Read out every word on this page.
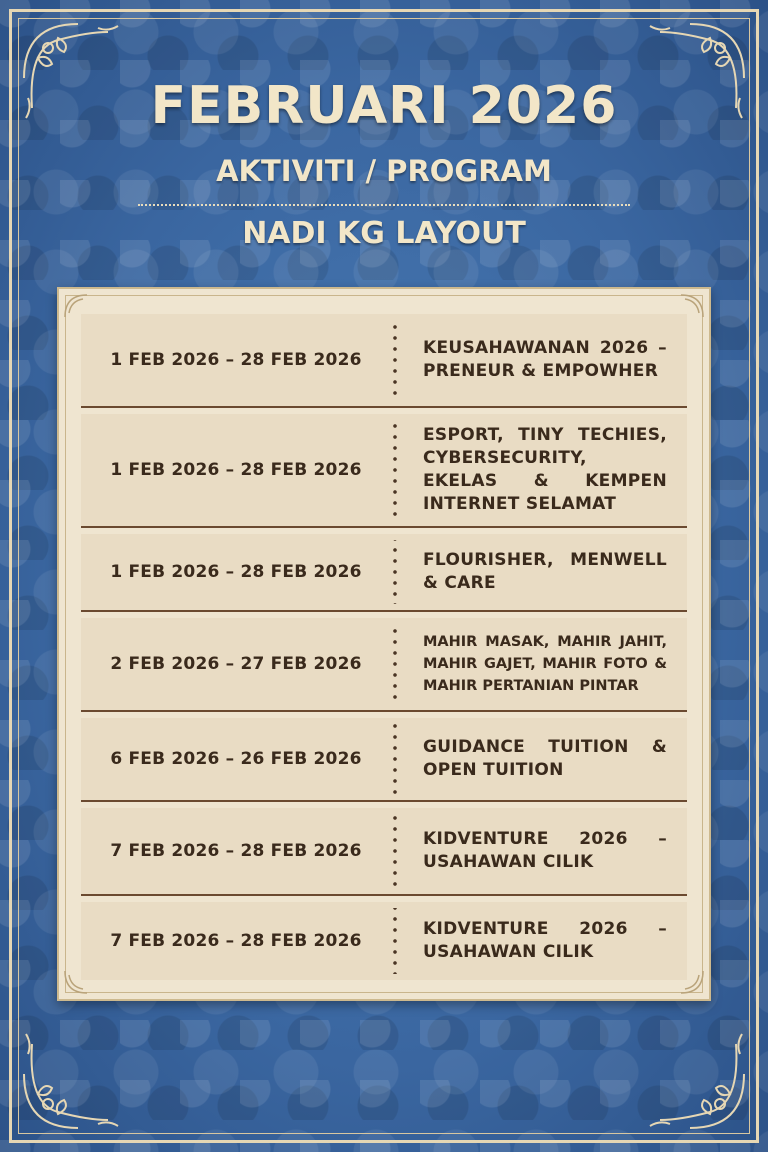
FEBRUARI 2026
AKTIVITI / PROGRAM
NADI KG LAYOUT
1 FEB 2026 – 28 FEB 2026
KEUSAHAWANAN 2026 –PRENEUR & EMPOWHER
1 FEB 2026 – 28 FEB 2026
ESPORT, TINY TECHIES, CYBERSECURITY, EKELAS & KEMPEN INTERNET SELAMAT
1 FEB 2026 – 28 FEB 2026
FLOURISHER, MENWELL & CARE
2 FEB 2026 – 27 FEB 2026
MAHIR MASAK, MAHIR JAHIT, MAHIR GAJET, MAHIR FOTO & MAHIR PERTANIAN PINTAR
6 FEB 2026 – 26 FEB 2026
GUIDANCE TUITION & OPEN TUITION
7 FEB 2026 – 28 FEB 2026
KIDVENTURE 2026 – USAHAWAN CILIK
7 FEB 2026 – 28 FEB 2026
KIDVENTURE 2026 – USAHAWAN CILIK
